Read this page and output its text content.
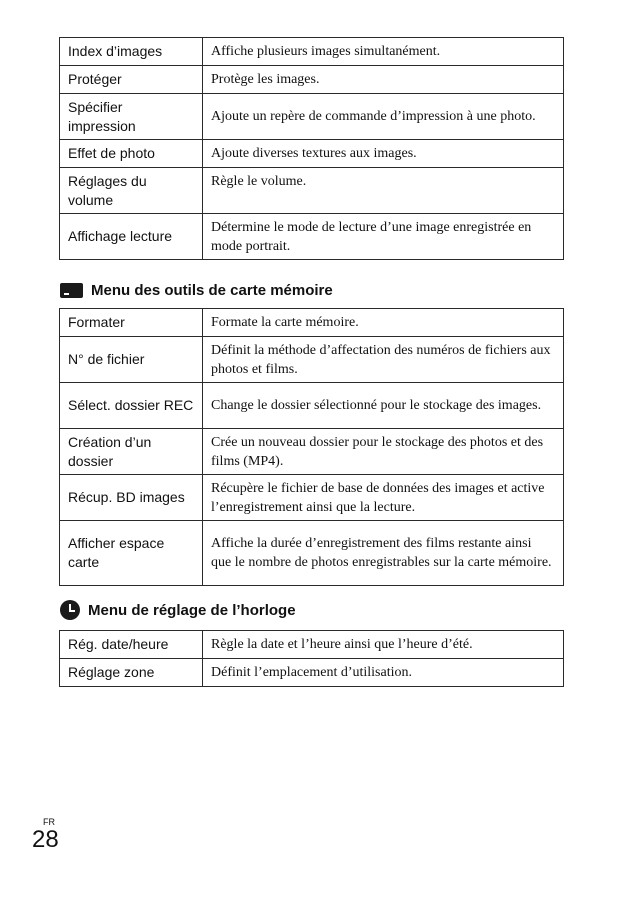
Index d’images	Affiche plusieurs images simultanément.
Protéger	Protège les images.
Spécifier impression	Ajoute un repère de commande d’impression à une photo.
Effet de photo	Ajoute diverses textures aux images.
Réglages du volume	Règle le volume.
Affichage lecture	Détermine le mode de lecture d’une image enregistrée en mode portrait.
Menu des outils de carte mémoire
Formater	Formate la carte mémoire.
N° de fichier	Définit la méthode d’affectation des numéros de fichiers aux photos et films.
Sélect. dossier REC	Change le dossier sélectionné pour le stockage des images.
Création d’un dossier	Crée un nouveau dossier pour le stockage des photos et des films (MP4).
Récup. BD images	Récupère le fichier de base de données des images et active l’enregistrement ainsi que la lecture.
Afficher espace carte	Affiche la durée d’enregistrement des films restante ainsi que le nombre de photos enregistrables sur la carte mémoire.
Menu de réglage de l’horloge
Rég. date/heure	Règle la date et l’heure ainsi que l’heure d’été.
Réglage zone	Définit l’emplacement d’utilisation.
FR
28
